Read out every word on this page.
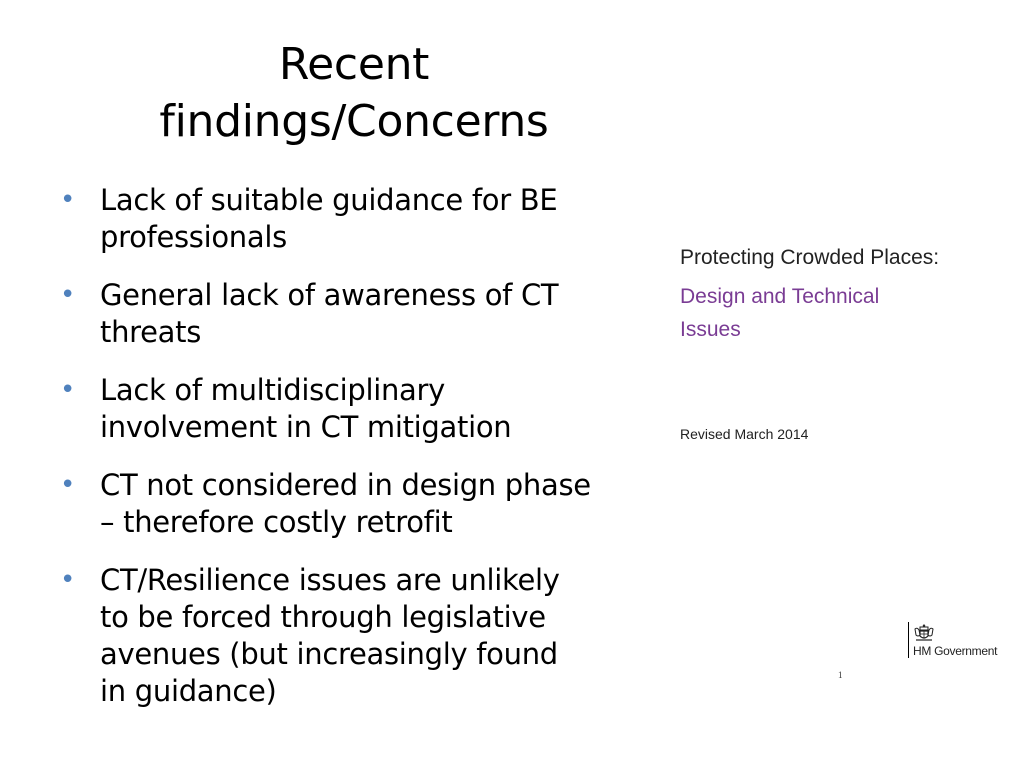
Recent
findings/Concerns
• Lack of suitable guidance for BE
professionals
• General lack of awareness of CT
threats
• Lack of multidisciplinary
involvement in CT mitigation
• CT not considered in design phase
– therefore costly retrofit
• CT/Resilience issues are unlikely
to be forced through legislative
avenues (but increasingly found
in guidance)

Protecting Crowded Places:

Design and Technical
Issues

Revised March 2014
HM Government
1
